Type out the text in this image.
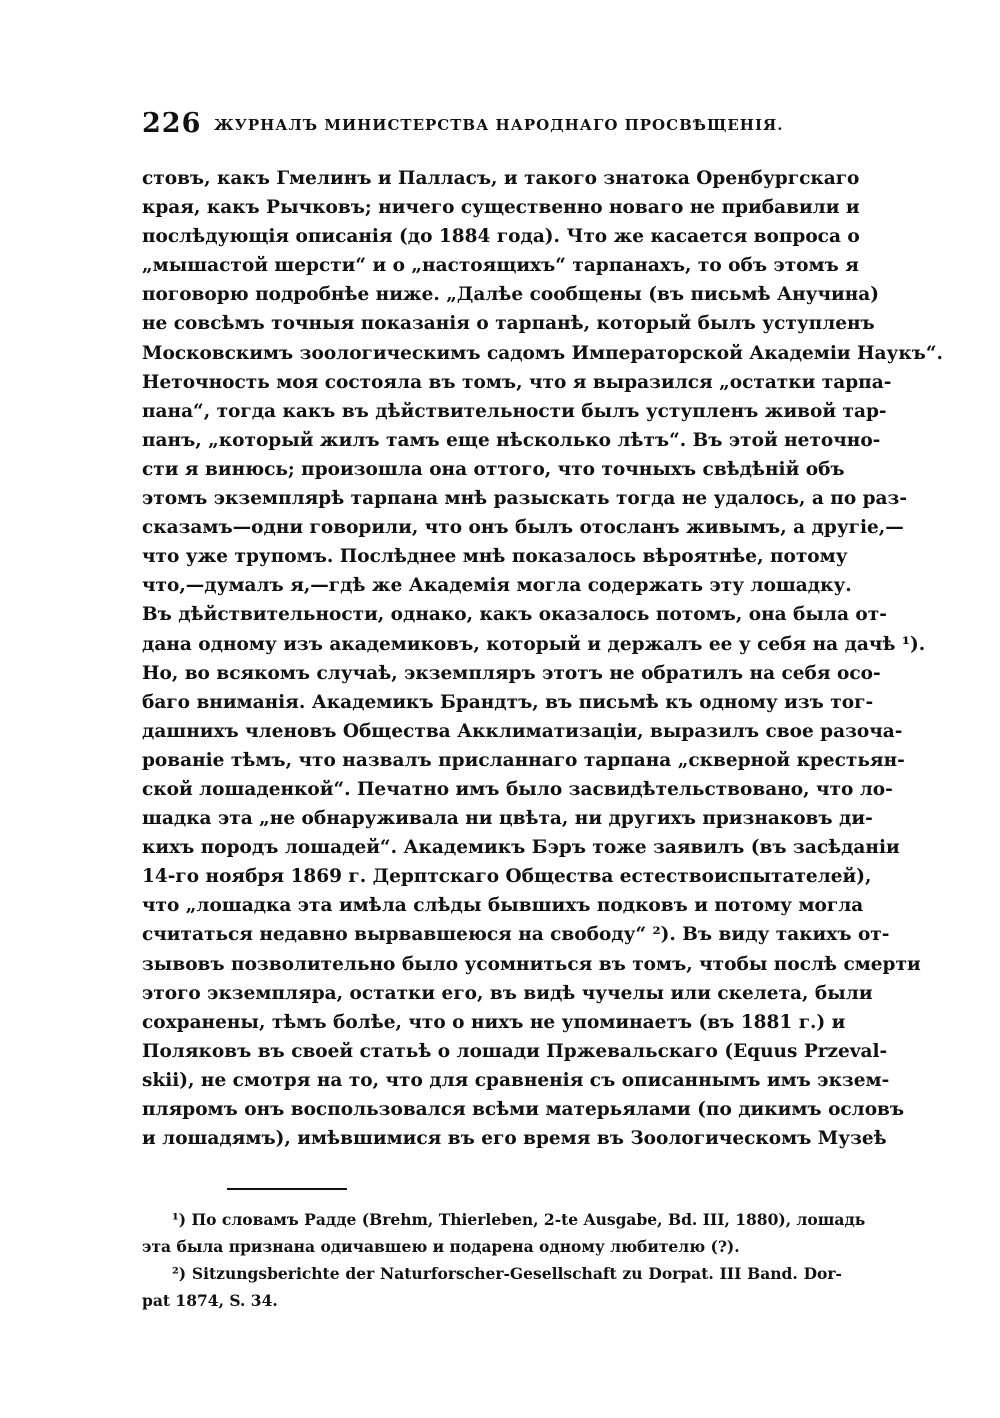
226 ЖУРНАЛЪ МИНИСТЕРСТВА НАРОДНАГО ПРОСВѢЩЕНІЯ.
стовъ, какъ Гмелинъ и Палласъ, и такого знатока Оренбургскаго
края, какъ Рычковъ; ничего существенно новаго не прибавили и
послѣдующія описанія (до 1884 года). Что же касается вопроса о
„мышастой шерсти“ и о „настоящихъ“ тарпанахъ, то объ этомъ я
поговорю подробнѣе ниже. „Далѣе сообщены (въ письмѣ Анучина)
не совсѣмъ точныя показанія о тарпанѣ, который былъ уступленъ
Московскимъ зоологическимъ садомъ Императорской Академіи Наукъ“.
Неточность моя состояла въ томъ, что я выразился „остатки тарпа-
пана“, тогда какъ въ дѣйствительности былъ уступленъ живой тар-
панъ, „который жилъ тамъ еще нѣсколько лѣтъ“. Въ этой неточно-
сти я винюсь; произошла она оттого, что точныхъ свѣдѣній объ
этомъ экземплярѣ тарпана мнѣ разыскать тогда не удалось, а по раз-
сказамъ—одни говорили, что онъ былъ отосланъ живымъ, а другіе,—
что уже трупомъ. Послѣднее мнѣ показалось вѣроятнѣе, потому
что,—думалъ я,—гдѣ же Академія могла содержать эту лошадку.
Въ дѣйствительности, однако, какъ оказалось потомъ, она была от-
дана одному изъ академиковъ, который и держалъ ее у себя на дачѣ ¹).
Но, во всякомъ случаѣ, экземпляръ этотъ не обратилъ на себя осо-
баго вниманія. Академикъ Брандтъ, въ письмѣ къ одному изъ тог-
дашнихъ членовъ Общества Акклиматизаціи, выразилъ свое разоча-
рованіе тѣмъ, что назвалъ присланнаго тарпана „скверной крестьян-
ской лошаденкой“. Печатно имъ было засвидѣтельствовано, что ло-
шадка эта „не обнаруживала ни цвѣта, ни другихъ признаковъ ди-
кихъ породъ лошадей“. Академикъ Бэръ тоже заявилъ (въ засѣданіи
14-го ноября 1869 г. Дерптскаго Общества естествоиспытателей),
что „лошадка эта имѣла слѣды бывшихъ подковъ и потому могла
считаться недавно вырвавшеюся на свободу“ ²). Въ виду такихъ от-
зывовъ позволительно было усомниться въ томъ, чтобы послѣ смерти
этого экземпляра, остатки его, въ видѣ чучелы или скелета, были
сохранены, тѣмъ болѣе, что о нихъ не упоминаетъ (въ 1881 г.) и
Поляковъ въ своей статьѣ о лошади Пржевальскаго (Equus Przeval-
skii), не смотря на то, что для сравненія съ описаннымъ имъ экзем-
пляромъ онъ воспользовался всѣми матерьялами (по дикимъ ословъ
и лошадямъ), имѣвшимися въ его время въ Зоологическомъ Музеѣ
¹) По словамъ Радде (Brehm, Thierleben, 2-te Ausgabe, Bd. III, 1880), лошадь
эта была признана одичавшею и подарена одному любителю (?).
²) Sitzungsberichte der Naturforscher-Gesellschaft zu Dorpat. III Band. Dor-
pat 1874, S. 34.
